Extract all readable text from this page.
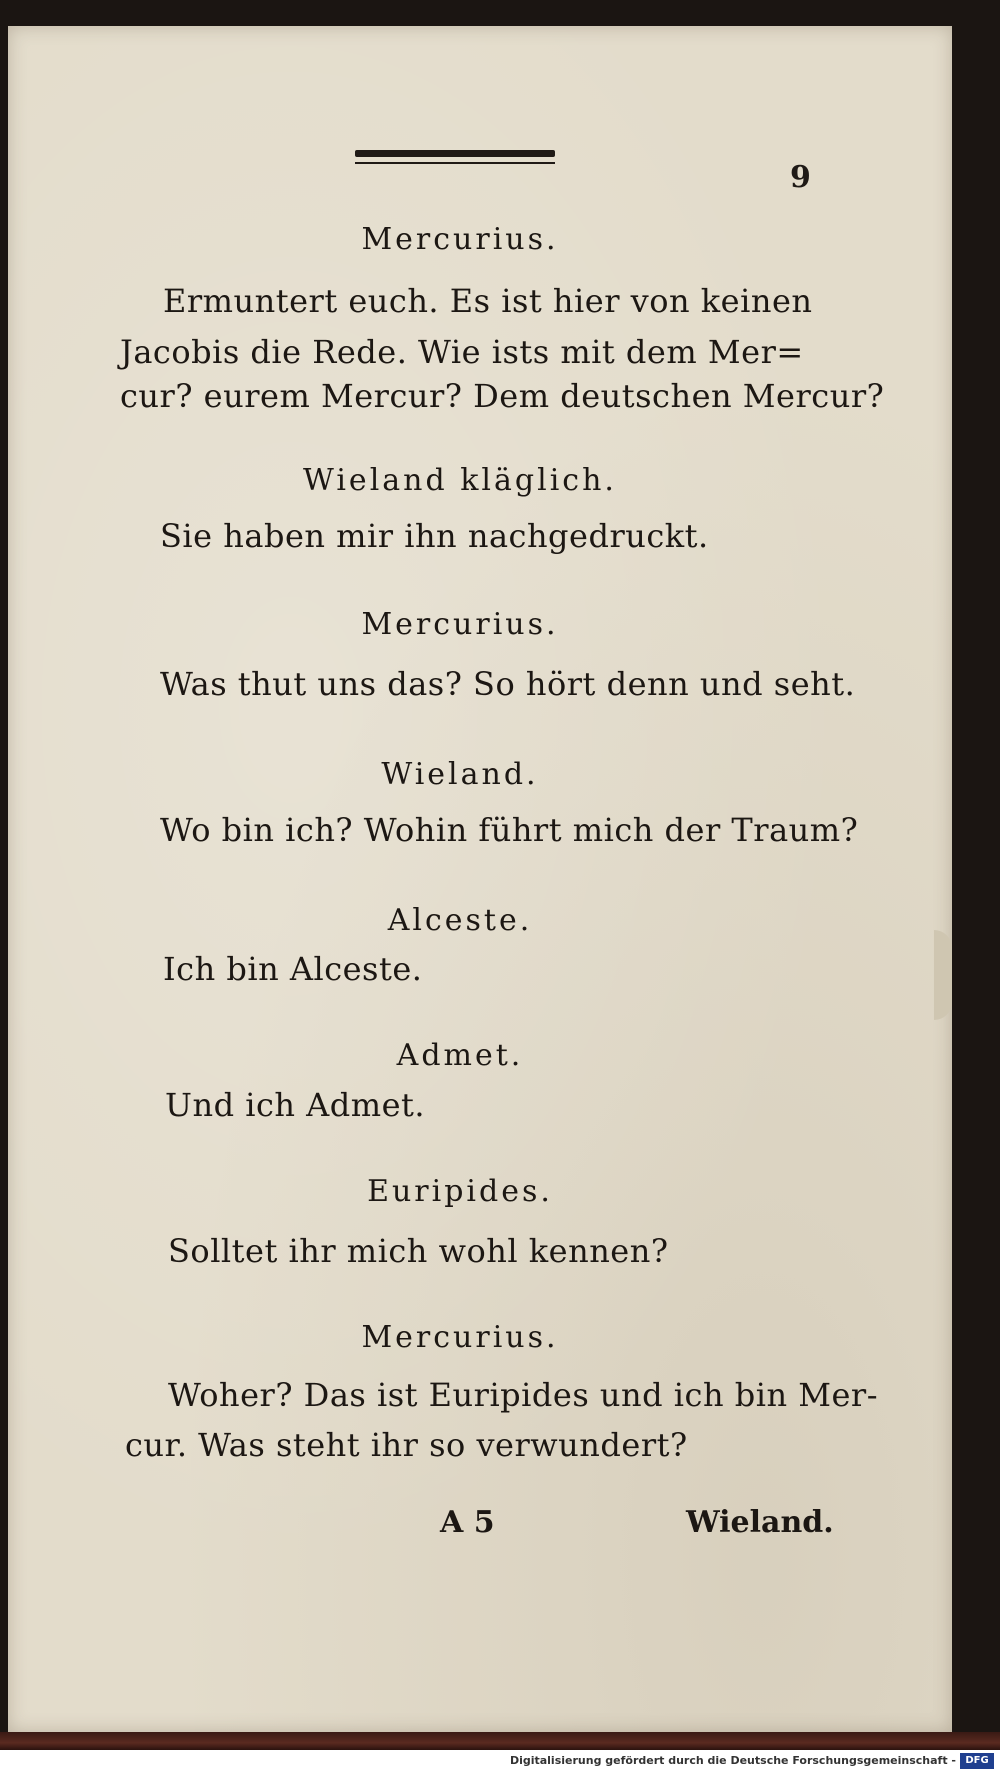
9
Mercurius.
Ermuntert euch. Es ist hier von keinen
Jacobis die Rede. Wie ists mit dem Mer=
cur? eurem Mercur? Dem deutschen Mercur?
Wieland kläglich.
Sie haben mir ihn nachgedruckt.
Mercurius.
Was thut uns das? So hört denn und seht.
Wieland.
Wo bin ich? Wohin führt mich der Traum?
Alceste.
Ich bin Alceste.
Admet.
Und ich Admet.
Euripides.
Solltet ihr mich wohl kennen?
Mercurius.
Woher? Das ist Euripides und ich bin Mer-
cur. Was steht ihr so verwundert?
A 5	Wieland.
Digitalisierung gefördert durch die Deutsche Forschungsgemeinschaft - DFG
